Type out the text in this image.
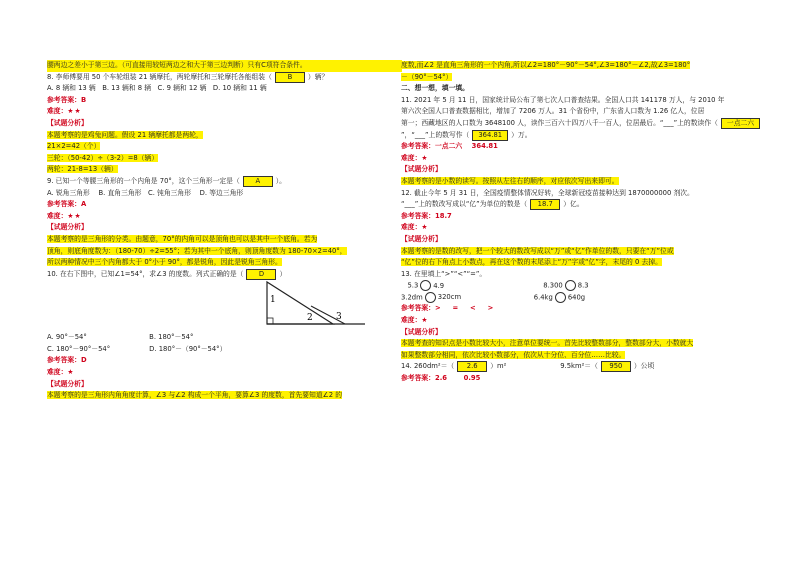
腰两边之差小于第三边。（可直接用较短两边之和大于第三边判断）只有C项符合条件。
8. 李师傅要用 50 个车轮组装 21 辆摩托，两轮摩托和三轮摩托各能组装（ B ）辆？
A. 8 辆和 13 辆 B. 13 辆和 8 辆 C. 9 辆和 12 辆 D. 10 辆和 11 辆
参考答案：B
难度：★★
【试题分析】
本题考察的是鸡兔问题。假设 21 辆摩托都是两轮，
21×2=42（个）
三轮：（50-42）÷（3-2）=8（辆）
两轮：21-8=13（辆）
9. 已知一个等腰三角形的一个内角是 70°，这个三角形一定是（ A ）。
A. 锐角三角形 B. 直角三角形 C. 钝角三角形 D. 等边三角形
参考答案：A
难度：★★
【试题分析】
本题考察的是三角形的分类。由题意，70°的内角可以是顶角也可以是其中一个底角。若为
顶角，则底角度数为：（180-70）÷2=55°；若为其中一个底角，则顶角度数为 180-70×2=40°，
所以两种情况中三个内角都大于 0°小于 90°，都是锐角，因此是锐角三角形。
10. 在右下图中，已知∠1=54°，求∠3 的度数。列式正确的是（ D ）
1
2	3
A. 90°－54°	B. 180°－54°
C. 180°－90°－54°	D. 180°－（90°－54°）
参考答案：D
难度：★
【试题分析】
本题考察的是三角形内角角度计算，∠3 与∠2 构成一个平角，要算∠3 的度数，首先要知道∠2 的
度数,而∠2 是直角三角形的一个内角,所以∠2=180°－90°－54°,∠3=180°－∠2,故∠3=180°
－（90°－54°）
二、想一想，填一填。
11. 2021 年 5 月 11 日，国家统计局公布了第七次人口普查结果。全国人口共 141178 万人，与 2010 年
第六次全国人口普查数据相比，增加了 7206 万人。31 个省份中，广东省人口数为 1.26 亿人，位居
第一；西藏地区的人口数为 3648100 人，读作三百六十四万八千一百人，位居最后。“___”上的数读作（ 一点二六
”，“___”上的数写作（ 364.81 ）万。
参考答案：一点二六    364.81
难度：★
【试题分析】
本题考察的是小数的读写。按照从左往右的顺序，对应依次写出来即可。
12. 截止今年 5 月 31 日，全国疫情整体情况好转，全球新冠疫苗接种达到 1870000000 剂次。
“___”上的数改写成以“亿”为单位的数是（ 18.7 ）亿。
参考答案：18.7
难度：★
【试题分析】
本题考察的是数的改写，把一个较大的数改写成以“万”或“亿”作单位的数，只要在“万”位或
“亿”位的右下角点上小数点，再在这个数的末尾添上“万”字或“亿”字，末尾的 0 去掉。
13. 在里填上“>”“<”“=”。
5.3 4.9	8.300 8.3
3.2dm 320cm	6.4kg 640g
参考答案：>     =     <     >
难度：★
【试题分析】
本题考查的知识点是小数比较大小，注意单位要统一。首先比较整数部分，整数部分大，小数就大
如果整数部分相同，依次比较小数部分，依次从十分位、百分位……比较。
14. 260dm²＝（ 2.6 ）m²	9.5km²＝（ 950 ）公顷
参考答案：2.6       0.95
